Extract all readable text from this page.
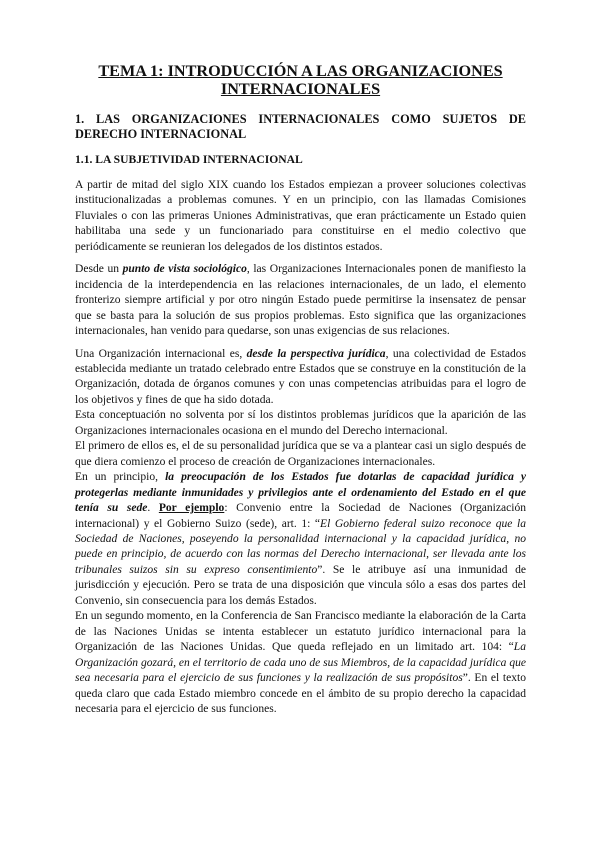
TEMA 1: INTRODUCCIÓN A LAS ORGANIZACIONES INTERNACIONALES
1. LAS ORGANIZACIONES INTERNACIONALES COMO SUJETOS DE DERECHO INTERNACIONAL
1.1. LA SUBJETIVIDAD INTERNACIONAL

A partir de mitad del siglo XIX cuando los Estados empiezan a proveer soluciones colectivas institucionalizadas a problemas comunes. Y en un principio, con las llamadas Comisiones Fluviales o con las primeras Uniones Administrativas, que eran prácticamente un Estado quien habilitaba una sede y un funcionariado para constituirse en el medio colectivo que periódicamente se reunieran los delegados de los distintos estados.

Desde un punto de vista sociológico, las Organizaciones Internacionales ponen de manifiesto la incidencia de la interdependencia en las relaciones internacionales, de un lado, el elemento fronterizo siempre artificial y por otro ningún Estado puede permitirse la insensatez de pensar que se basta para la solución de sus propios problemas. Esto significa que las organizaciones internacionales, han venido para quedarse, son unas exigencias de sus relaciones.

Una Organización internacional es, desde la perspectiva jurídica, una colectividad de Estados establecida mediante un tratado celebrado entre Estados que se construye en la constitución de la Organización, dotada de órganos comunes y con unas competencias atribuidas para el logro de los objetivos y fines de que ha sido dotada.

Esta conceptuación no solventa por sí los distintos problemas jurídicos que la aparición de las Organizaciones internacionales ocasiona en el mundo del Derecho internacional.

El primero de ellos es, el de su personalidad jurídica que se va a plantear casi un siglo después de que diera comienzo el proceso de creación de Organizaciones internacionales.

En un principio, la preocupación de los Estados fue dotarlas de capacidad jurídica y protegerlas mediante inmunidades y privilegios ante el ordenamiento del Estado en el que tenía su sede. Por ejemplo: Convenio entre la Sociedad de Naciones (Organización internacional) y el Gobierno Suizo (sede), art. 1: “El Gobierno federal suizo reconoce que la Sociedad de Naciones, poseyendo la personalidad internacional y la capacidad jurídica, no puede en principio, de acuerdo con las normas del Derecho internacional, ser llevada ante los tribunales suizos sin su expreso consentimiento”. Se le atribuye así una inmunidad de jurisdicción y ejecución. Pero se trata de una disposición que vincula sólo a esas dos partes del Convenio, sin consecuencia para los demás Estados.

En un segundo momento, en la Conferencia de San Francisco mediante la elaboración de la Carta de las Naciones Unidas se intenta establecer un estatuto jurídico internacional para la Organización de las Naciones Unidas. Que queda reflejado en un limitado art. 104: “La Organización gozará, en el territorio de cada uno de sus Miembros, de la capacidad jurídica que sea necesaria para el ejercicio de sus funciones y la realización de sus propósitos”. En el texto queda claro que cada Estado miembro concede en el ámbito de su propio derecho la capacidad necesaria para el ejercicio de sus funciones.
